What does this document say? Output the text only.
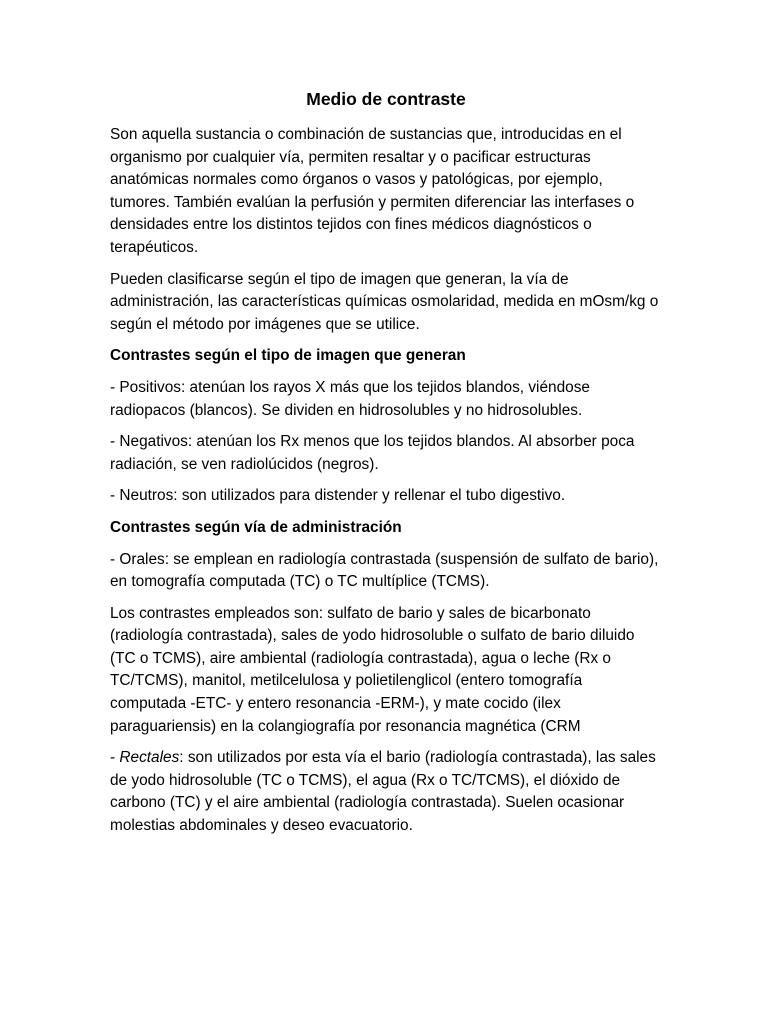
Medio de contraste

Son aquella sustancia o combinación de sustancias que, introducidas en el organismo por cualquier vía, permiten resaltar y o pacificar estructuras anatómicas normales como órganos o vasos y patológicas, por ejemplo, tumores. También evalúan la perfusión y permiten diferenciar las interfases o densidades entre los distintos tejidos con fines médicos diagnósticos o terapéuticos.

Pueden clasificarse según el tipo de imagen que generan, la vía de administración, las características químicas osmolaridad, medida en mOsm/kg o según el método por imágenes que se utilice.

Contrastes según el tipo de imagen que generan

- Positivos: atenúan los rayos X más que los tejidos blandos, viéndose radiopacos (blancos). Se dividen en hidrosolubles y no hidrosolubles.

- Negativos: atenúan los Rx menos que los tejidos blandos. Al absorber poca radiación, se ven radiolúcidos (negros).

- Neutros: son utilizados para distender y rellenar el tubo digestivo.

Contrastes según vía de administración

- Orales: se emplean en radiología contrastada (suspensión de sulfato de bario), en tomografía computada (TC) o TC multíplice (TCMS).

Los contrastes empleados son: sulfato de bario y sales de bicarbonato (radiología contrastada), sales de yodo hidrosoluble o sulfato de bario diluido (TC o TCMS), aire ambiental (radiología contrastada), agua o leche (Rx o TC/TCMS), manitol, metilcelulosa y polietilenglicol (entero tomografía computada -ETC- y entero resonancia -ERM-), y mate cocido (ilex paraguariensis) en la colangiografía por resonancia magnética (CRM

- Rectales: son utilizados por esta vía el bario (radiología contrastada), las sales de yodo hidrosoluble (TC o TCMS), el agua (Rx o TC/TCMS), el dióxido de carbono (TC) y el aire ambiental (radiología contrastada). Suelen ocasionar molestias abdominales y deseo evacuatorio.
